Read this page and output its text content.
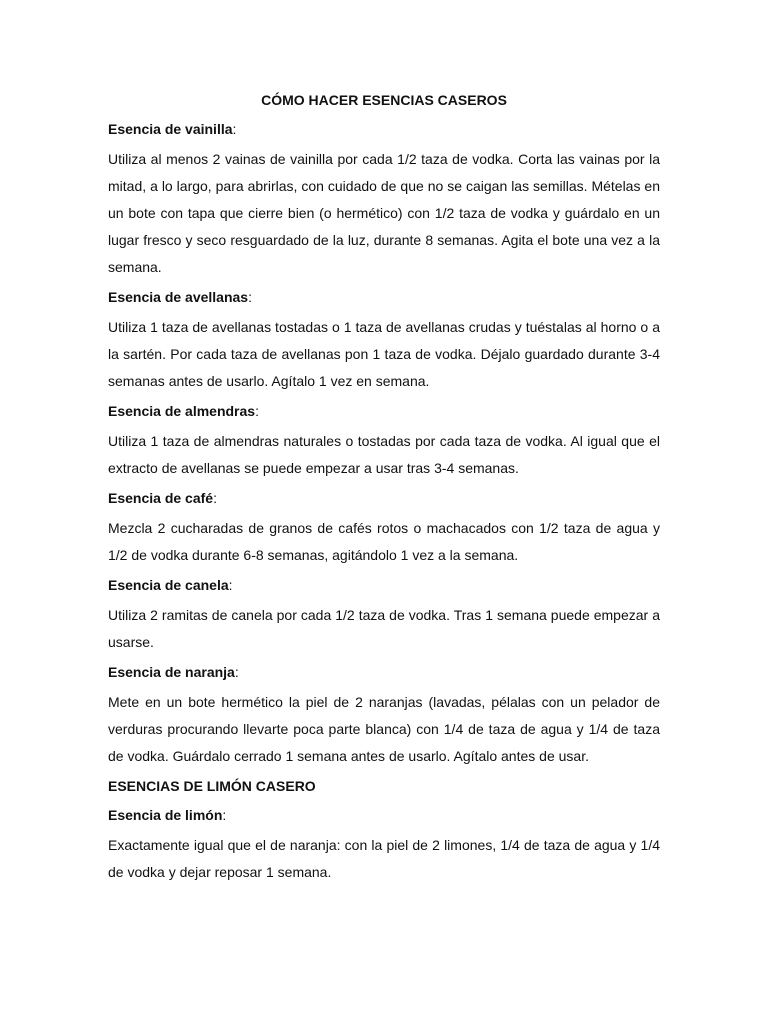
CÓMO HACER ESENCIAS CASEROS
Esencia de vainilla:

Utiliza al menos 2 vainas de vainilla por cada 1/2 taza de vodka. Corta las vainas por la mitad, a lo largo, para abrirlas, con cuidado de que no se caigan las semillas. Mételas en un bote con tapa que cierre bien (o hermético) con 1/2 taza de vodka y guárdalo en un lugar fresco y seco resguardado de la luz, durante 8 semanas. Agita el bote una vez a la semana.

Esencia de avellanas:

Utiliza 1 taza de avellanas tostadas o 1 taza de avellanas crudas y tuéstalas al horno o a la sartén. Por cada taza de avellanas pon 1 taza de vodka. Déjalo guardado durante 3-4 semanas antes de usarlo. Agítalo 1 vez en semana.

Esencia de almendras:

Utiliza 1 taza de almendras naturales o tostadas por cada taza de vodka. Al igual que el extracto de avellanas se puede empezar a usar tras 3-4 semanas.

Esencia de café:

Mezcla 2 cucharadas de granos de cafés rotos o machacados con 1/2 taza de agua y 1/2 de vodka durante 6-8 semanas, agitándolo 1 vez a la semana.

Esencia de canela:

Utiliza 2 ramitas de canela por cada 1/2 taza de vodka. Tras 1 semana puede empezar a usarse.

Esencia de naranja:

Mete en un bote hermético la piel de 2 naranjas (lavadas, pélalas con un pelador de verduras procurando llevarte poca parte blanca) con 1/4 de taza de agua y 1/4 de taza de vodka. Guárdalo cerrado 1 semana antes de usarlo. Agítalo antes de usar.

ESENCIAS DE LIMÓN CASERO
Esencia de limón:

Exactamente igual que el de naranja: con la piel de 2 limones, 1/4 de taza de agua y 1/4 de vodka y dejar reposar 1 semana.
